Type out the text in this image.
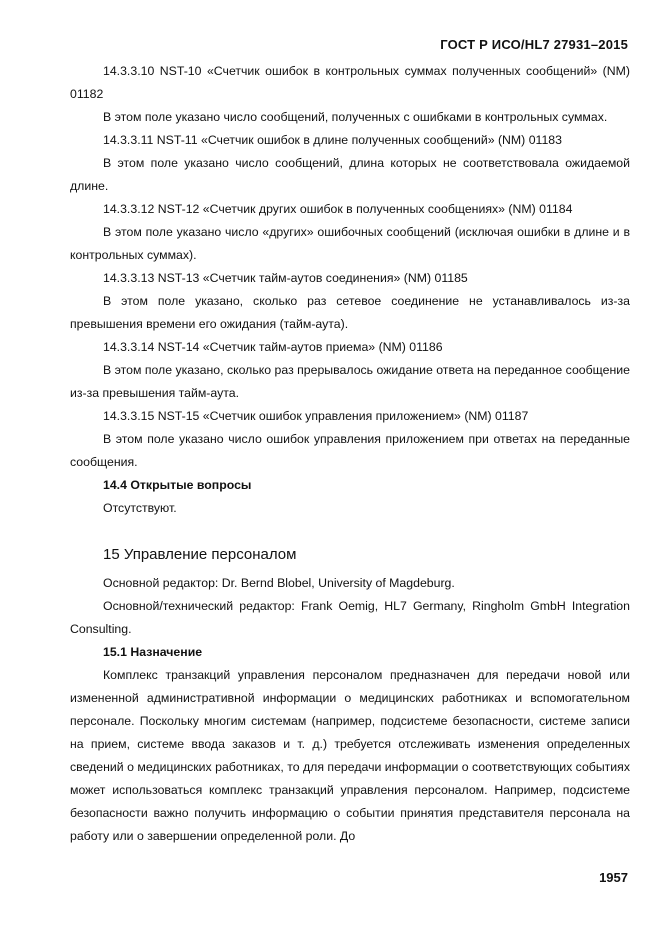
ГОСТ Р ИСО/HL7 27931–2015

14.3.3.10 NST-10 «Счетчик ошибок в контрольных суммах полученных сообщений» (NM) 01182

В этом поле указано число сообщений, полученных с ошибками в контрольных суммах.

14.3.3.11 NST-11 «Счетчик ошибок в длине полученных сообщений» (NM) 01183

В этом поле указано число сообщений, длина которых не соответствовала ожидаемой длине.

14.3.3.12 NST-12 «Счетчик других ошибок в полученных сообщениях» (NM) 01184

В этом поле указано число «других» ошибочных сообщений (исключая ошибки в длине и в контрольных суммах).

14.3.3.13 NST-13 «Счетчик тайм-аутов соединения» (NM) 01185

В этом поле указано, сколько раз сетевое соединение не устанавливалось из-за превышения времени его ожидания (тайм-аута).

14.3.3.14 NST-14 «Счетчик тайм-аутов приема» (NM) 01186

В этом поле указано, сколько раз прерывалось ожидание ответа на переданное сообщение из-за превышения тайм-аута.

14.3.3.15 NST-15 «Счетчик ошибок управления приложением» (NM) 01187

В этом поле указано число ошибок управления приложением при ответах на переданные сообщения.

14.4 Открытые вопросы

Отсутствуют.

15 Управление персоналом

Основной редактор: Dr. Bernd Blobel, University of Magdeburg.

Основной/технический редактор: Frank Oemig, HL7 Germany, Ringholm GmbH Integration Consulting.

15.1 Назначение

Комплекс транзакций управления персоналом предназначен для передачи новой или измененной административной информации о медицинских работниках и вспомогательном персонале. Поскольку многим системам (например, подсистеме безопасности, системе записи на прием, системе ввода заказов и т. д.) требуется отслеживать изменения определенных сведений о медицинских работниках, то для передачи информации о соответствующих событиях может использоваться комплекс транзакций управления персоналом. Например, подсистеме безопасности важно получить информацию о событии принятия представителя персонала на работу или о завершении определенной роли. До

1957
